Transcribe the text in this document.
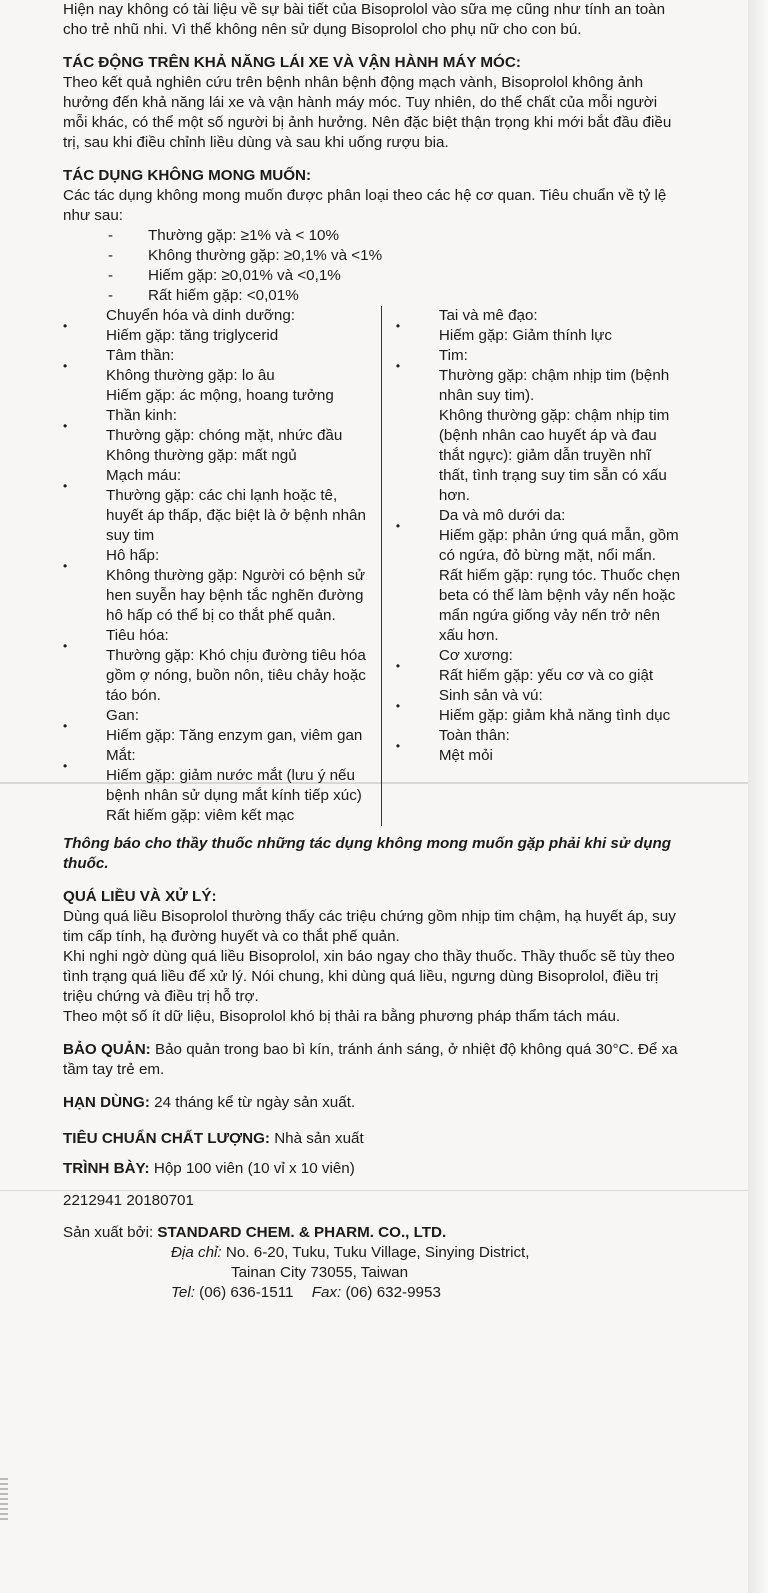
Hiện nay không có tài liệu về sự bài tiết của Bisoprolol vào sữa mẹ cũng như tính an toàn cho trẻ nhũ nhi. Vì thế không nên sử dụng Bisoprolol cho phụ nữ cho con bú.

TÁC ĐỘNG TRÊN KHẢ NĂNG LÁI XE VÀ VẬN HÀNH MÁY MÓC:

Theo kết quả nghiên cứu trên bệnh nhân bệnh động mạch vành, Bisoprolol không ảnh hưởng đến khả năng lái xe và vận hành máy móc. Tuy nhiên, do thể chất của mỗi người mỗi khác, có thể một số người bị ảnh hưởng. Nên đặc biệt thận trọng khi mới bắt đầu điều trị, sau khi điều chỉnh liều dùng và sau khi uống rượu bia.

TÁC DỤNG KHÔNG MONG MUỐN:

Các tác dụng không mong muốn được phân loại theo các hệ cơ quan. Tiêu chuẩn về tỷ lệ như sau:

- Thường gặp: ≥1% và < 10%
- Không thường gặp: ≥0,1% và <1%
- Hiếm gặp: ≥0,01% và <0,1%
- Rất hiếm gặp: <0,01%

• Chuyển hóa và dinh dưỡng:

Hiếm gặp: tăng triglycerid

• Tâm thần:

Không thường gặp: lo âu

Hiếm gặp: ác mộng, hoang tưởng

• Thần kinh:

Thường gặp: chóng mặt, nhức đầu

Không thường gặp: mất ngủ

• Mạch máu:

Thường gặp: các chi lạnh hoặc tê, huyết áp thấp, đặc biệt là ở bệnh nhân suy tim

• Hô hấp:

Không thường gặp: Người có bệnh sử hen suyễn hay bệnh tắc nghẽn đường hô hấp có thể bị co thắt phế quản.

• Tiêu hóa:

Thường gặp: Khó chịu đường tiêu hóa gồm ợ nóng, buồn nôn, tiêu chảy hoặc táo bón.

• Gan:

Hiếm gặp: Tăng enzym gan, viêm gan

• Mắt:

Hiếm gặp: giảm nước mắt (lưu ý nếu bệnh nhân sử dụng mắt kính tiếp xúc)

Rất hiếm gặp: viêm kết mạc

• Tai và mê đạo:

Hiếm gặp: Giảm thính lực

• Tim:

Thường gặp: chậm nhịp tim (bệnh nhân suy tim).

Không thường gặp: chậm nhịp tim (bệnh nhân cao huyết áp và đau thắt ngực): giảm dẫn truyền nhĩ thất, tình trạng suy tim sẵn có xấu hơn.

• Da và mô dưới da:

Hiếm gặp: phản ứng quá mẫn, gồm có ngứa, đỏ bừng mặt, nổi mẩn.

Rất hiếm gặp: rụng tóc. Thuốc chẹn beta có thể làm bệnh vảy nến hoặc mẩn ngứa giống vảy nến trở nên xấu hơn.

• Cơ xương:

Rất hiếm gặp: yếu cơ và co giật

• Sinh sản và vú:

Hiếm gặp: giảm khả năng tình dục

• Toàn thân:

Mệt mỏi

Thông báo cho thầy thuốc những tác dụng không mong muốn gặp phải khi sử dụng thuốc.

QUÁ LIỀU VÀ XỬ LÝ:

Dùng quá liều Bisoprolol thường thấy các triệu chứng gồm nhịp tim chậm, hạ huyết áp, suy tim cấp tính, hạ đường huyết và co thắt phế quản.

Khi nghi ngờ dùng quá liều Bisoprolol, xin báo ngay cho thầy thuốc. Thầy thuốc sẽ tùy theo tình trạng quá liều để xử lý. Nói chung, khi dùng quá liều, ngưng dùng Bisoprolol, điều trị triệu chứng và điều trị hỗ trợ.

Theo một số ít dữ liệu, Bisoprolol khó bị thải ra bằng phương pháp thẩm tách máu.

BẢO QUẢN: Bảo quản trong bao bì kín, tránh ánh sáng, ở nhiệt độ không quá 30°C. Để xa tầm tay trẻ em.

HẠN DÙNG: 24 tháng kể từ ngày sản xuất.

TIÊU CHUẨN CHẤT LƯỢNG: Nhà sản xuất

TRÌNH BÀY: Hộp 100 viên (10 vỉ x 10 viên)

2212941 20180701

Sản xuất bởi: STANDARD CHEM. & PHARM. CO., LTD.

Địa chỉ: No. 6-20, Tuku, Tuku Village, Sinying District,

Tainan City 73055, Taiwan

Tel: (06) 636-1511 Fax: (06) 632-9953
